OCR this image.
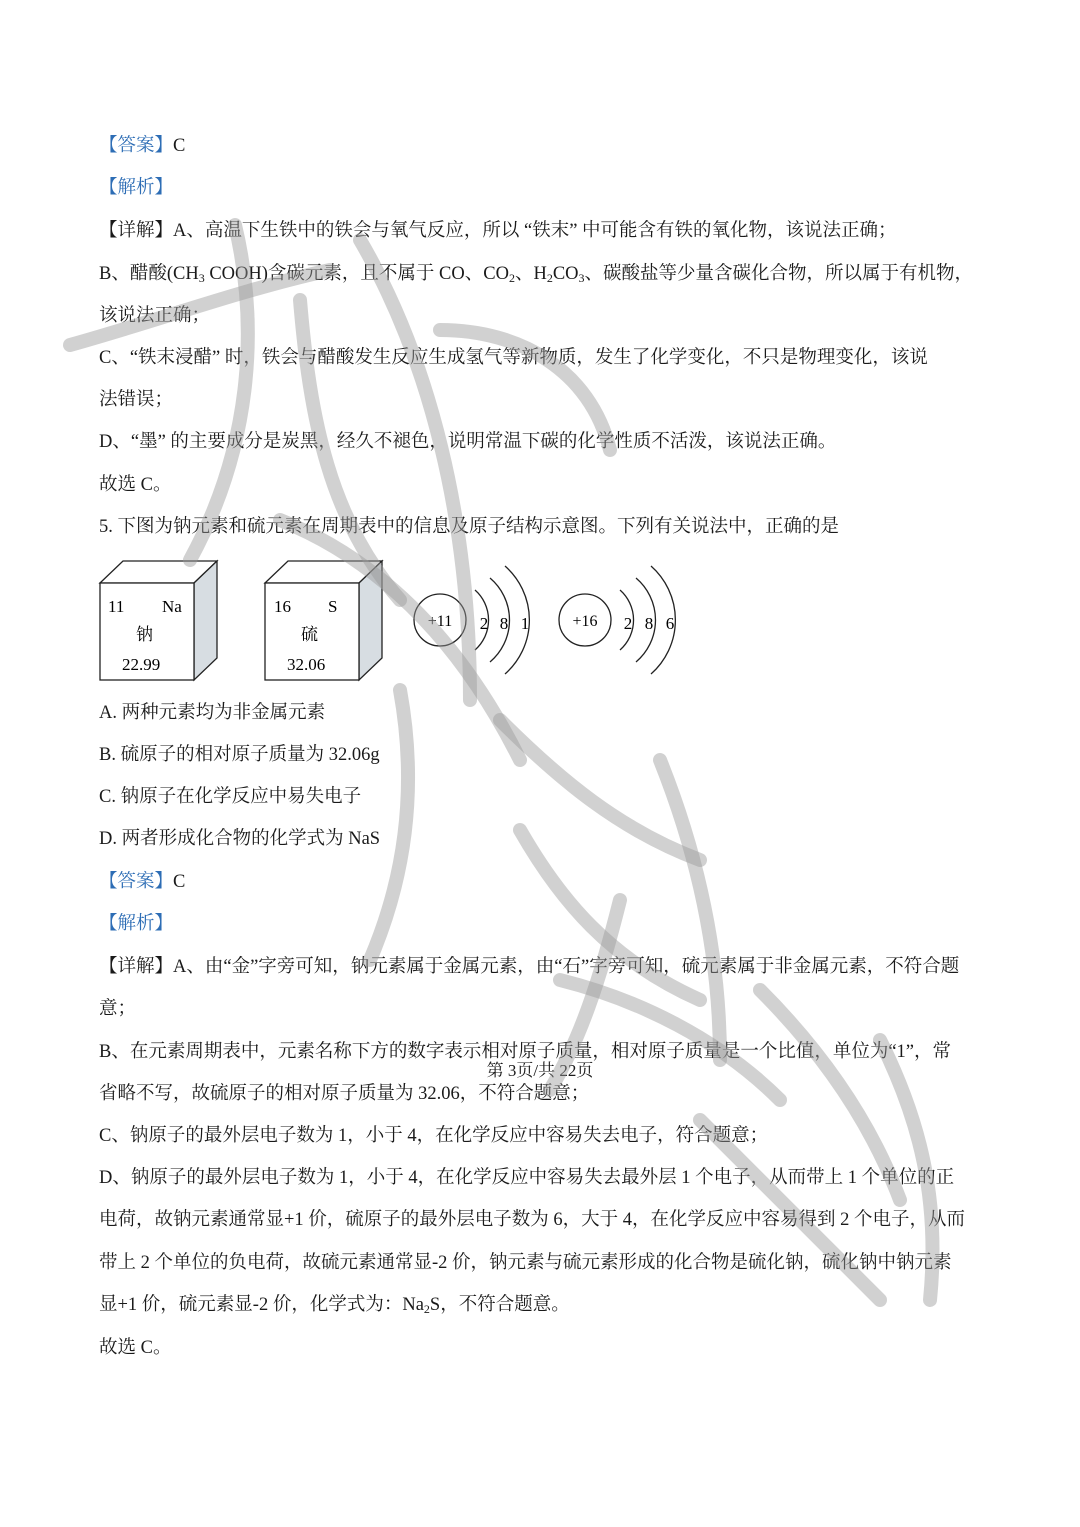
【答案】C
【解析】
【详解】A、高温下生铁中的铁会与氧气反应，所以 “铁末” 中可能含有铁的氧化物，该说法正确；
B、醋酸($CH_3$ COOH)含碳元素，且不属于 CO、$CO_2$、$H_2CO_3$、碳酸盐等少量含碳化合物，所以属于有机物，
该说法正确；
C、“铁末浸醋” 时，铁会与醋酸发生反应生成氢气等新物质，发生了化学变化，不只是物理变化，该说
法错误；
D、“墨” 的主要成分是炭黑，经久不褪色，说明常温下碳的化学性质不活泼，该说法正确。
故选 C。
5. 下图为钠元素和硫元素在周期表中的信息及原子结构示意图。下列有关说法中，正确的是
11 Na
钠
22.99
16 S
硫
32.06
+11 2 8 1	+16 2 8 6
A. 两种元素均为非金属元素
B. 硫原子的相对原子质量为 32.06g
C. 钠原子在化学反应中易失电子
D. 两者形成化合物的化学式为 NaS
【答案】C
【解析】
【详解】A、由“金”字旁可知，钠元素属于金属元素，由“石”字旁可知，硫元素属于非金属元素，不符合题
意；
B、在元素周期表中，元素名称下方的数字表示相对原子质量，相对原子质量是一个比值，单位为“1”，常
省略不写，故硫原子的相对原子质量为 32.06，不符合题意；
C、钠原子的最外层电子数为 1，小于 4，在化学反应中容易失去电子，符合题意；
D、钠原子的最外层电子数为 1，小于 4，在化学反应中容易失去最外层 1 个电子，从而带上 1 个单位的正
电荷，故钠元素通常显+1 价，硫原子的最外层电子数为 6，大于 4，在化学反应中容易得到 2 个电子，从而
带上 2 个单位的负电荷，故硫元素通常显-2 价，钠元素与硫元素形成的化合物是硫化钠，硫化钠中钠元素
显+1 价，硫元素显-2 价，化学式为：$Na_2S$，不符合题意。
故选 C。
第 3页/共 22页
